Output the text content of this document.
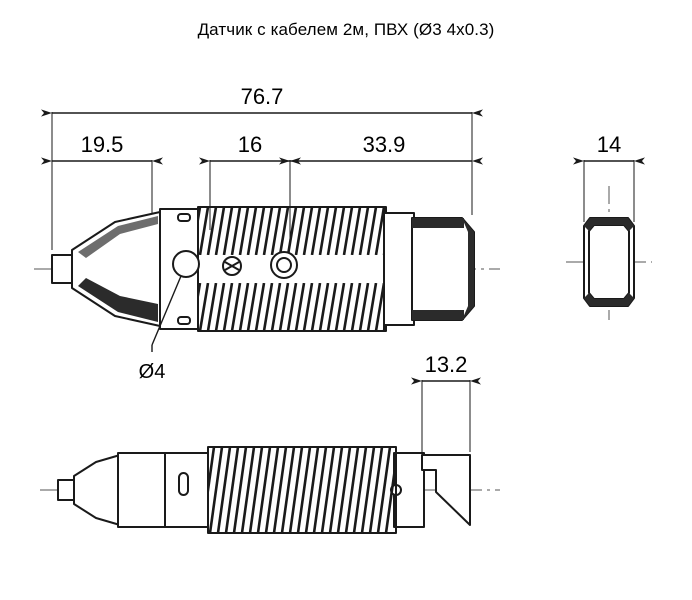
Датчик с кабелем 2м, ПВХ (Ø3 4х0.3)
76.7
19.5	16	33.9
Ø4
14
13.2
